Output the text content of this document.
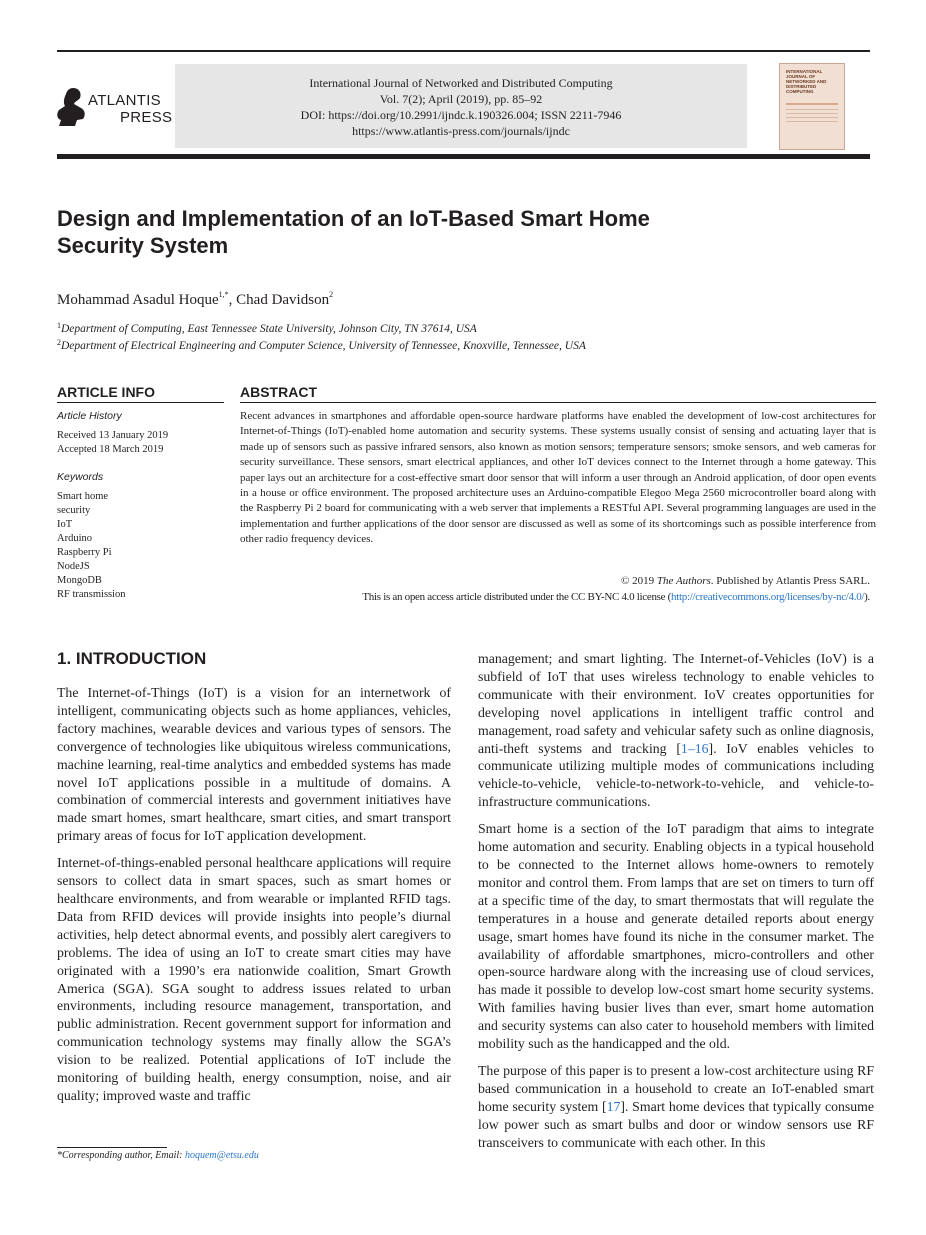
ATLANTIS
PRESS
International Journal of Networked and Distributed Computing
Vol. 7(2); April (2019), pp. 85–92
DOI: https://doi.org/10.2991/ijndc.k.190326.004; ISSN 2211-7946
https://www.atlantis-press.com/journals/ijndc
INTERNATIONAL JOURNAL OF NETWORKED AND DISTRIBUTED COMPUTING
Design and Implementation of an IoT-Based Smart Home
Security System
Mohammad Asadul Hoque$^{1,*}$, Chad Davidson$^2$
$^1$Department of Computing, East Tennessee State University, Johnson City, TN 37614, USA
$^2$Department of Electrical Engineering and Computer Science, University of Tennessee, Knoxville, Tennessee, USA
ARTICLE INFO
Article History
Received 13 January 2019
Accepted 18 March 2019
Keywords
Smart home
security
IoT
Arduino
Raspberry Pi
NodeJS
MongoDB
RF transmission
ABSTRACT
Recent advances in smartphones and affordable open-source hardware platforms have enabled the development of low-cost architectures for Internet-of-Things (IoT)-enabled home automation and security systems. These systems usually consist of sensing and actuating layer that is made up of sensors such as passive infrared sensors, also known as motion sensors; temperature sensors; smoke sensors, and web cameras for security surveillance. These sensors, smart electrical appliances, and other IoT devices connect to the Internet through a home gateway. This paper lays out an architecture for a cost-effective smart door sensor that will inform a user through an Android application, of door open events in a house or office environment. The proposed architecture uses an Arduino-compatible Elegoo Mega 2560 microcontroller board along with the Raspberry Pi 2 board for communicating with a web server that implements a RESTful API. Several programming languages are used in the implementation and further applications of the door sensor are discussed as well as some of its shortcomings such as possible interference from other radio frequency devices.
© 2019 The Authors. Published by Atlantis Press SARL.
This is an open access article distributed under the CC BY-NC 4.0 license (http://creativecommons.org/licenses/by-nc/4.0/).
1. INTRODUCTION

The Internet-of-Things (IoT) is a vision for an internetwork of intelligent, communicating objects such as home appliances, vehicles, factory machines, wearable devices and various types of sensors. The convergence of technologies like ubiquitous wireless communications, machine learning, real-time analytics and embedded systems has made novel IoT applications possible in a multitude of domains. A combination of commercial interests and government initiatives have made smart homes, smart healthcare, smart cities, and smart transport primary areas of focus for IoT application development.

Internet-of-things-enabled personal healthcare applications will require sensors to collect data in smart spaces, such as smart homes or healthcare environments, and from wearable or implanted RFID tags. Data from RFID devices will provide insights into people’s diurnal activities, help detect abnormal events, and possibly alert caregivers to problems. The idea of using an IoT to create smart cities may have originated with a 1990’s era nationwide coalition, Smart Growth America (SGA). SGA sought to address issues related to urban environments, including resource management, transportation, and public administration. Recent government support for information and communication technology systems may finally allow the SGA’s vision to be realized. Potential applications of IoT include the monitoring of building health, energy consumption, noise, and air quality; improved waste and traffic

management; and smart lighting. The Internet-of-Vehicles (IoV) is a subfield of IoT that uses wireless technology to enable vehicles to communicate with their environment. IoV creates opportunities for developing novel applications in intelligent traffic control and management, road safety and vehicular safety such as online diagnosis, anti-theft systems and tracking [1–16]. IoV enables vehicles to communicate utilizing multiple modes of communications including vehicle-to-vehicle, vehicle-to-network-to-vehicle, and vehicle-to-infrastructure communications.

Smart home is a section of the IoT paradigm that aims to integrate home automation and security. Enabling objects in a typical household to be connected to the Internet allows home-owners to remotely monitor and control them. From lamps that are set on timers to turn off at a specific time of the day, to smart thermostats that will regulate the temperatures in a house and generate detailed reports about energy usage, smart homes have found its niche in the consumer market. The availability of affordable smartphones, micro-controllers and other open-source hardware along with the increasing use of cloud services, has made it possible to develop low-cost smart home security systems. With families having busier lives than ever, smart home automation and security systems can also cater to household members with limited mobility such as the handicapped and the old.

The purpose of this paper is to present a low-cost architecture using RF based communication in a household to create an IoT-enabled smart home security system [17]. Smart home devices that typically consume low power such as smart bulbs and door or window sensors use RF transceivers to communicate with each other. In this

*Corresponding author, Email: hoquem@etsu.edu
